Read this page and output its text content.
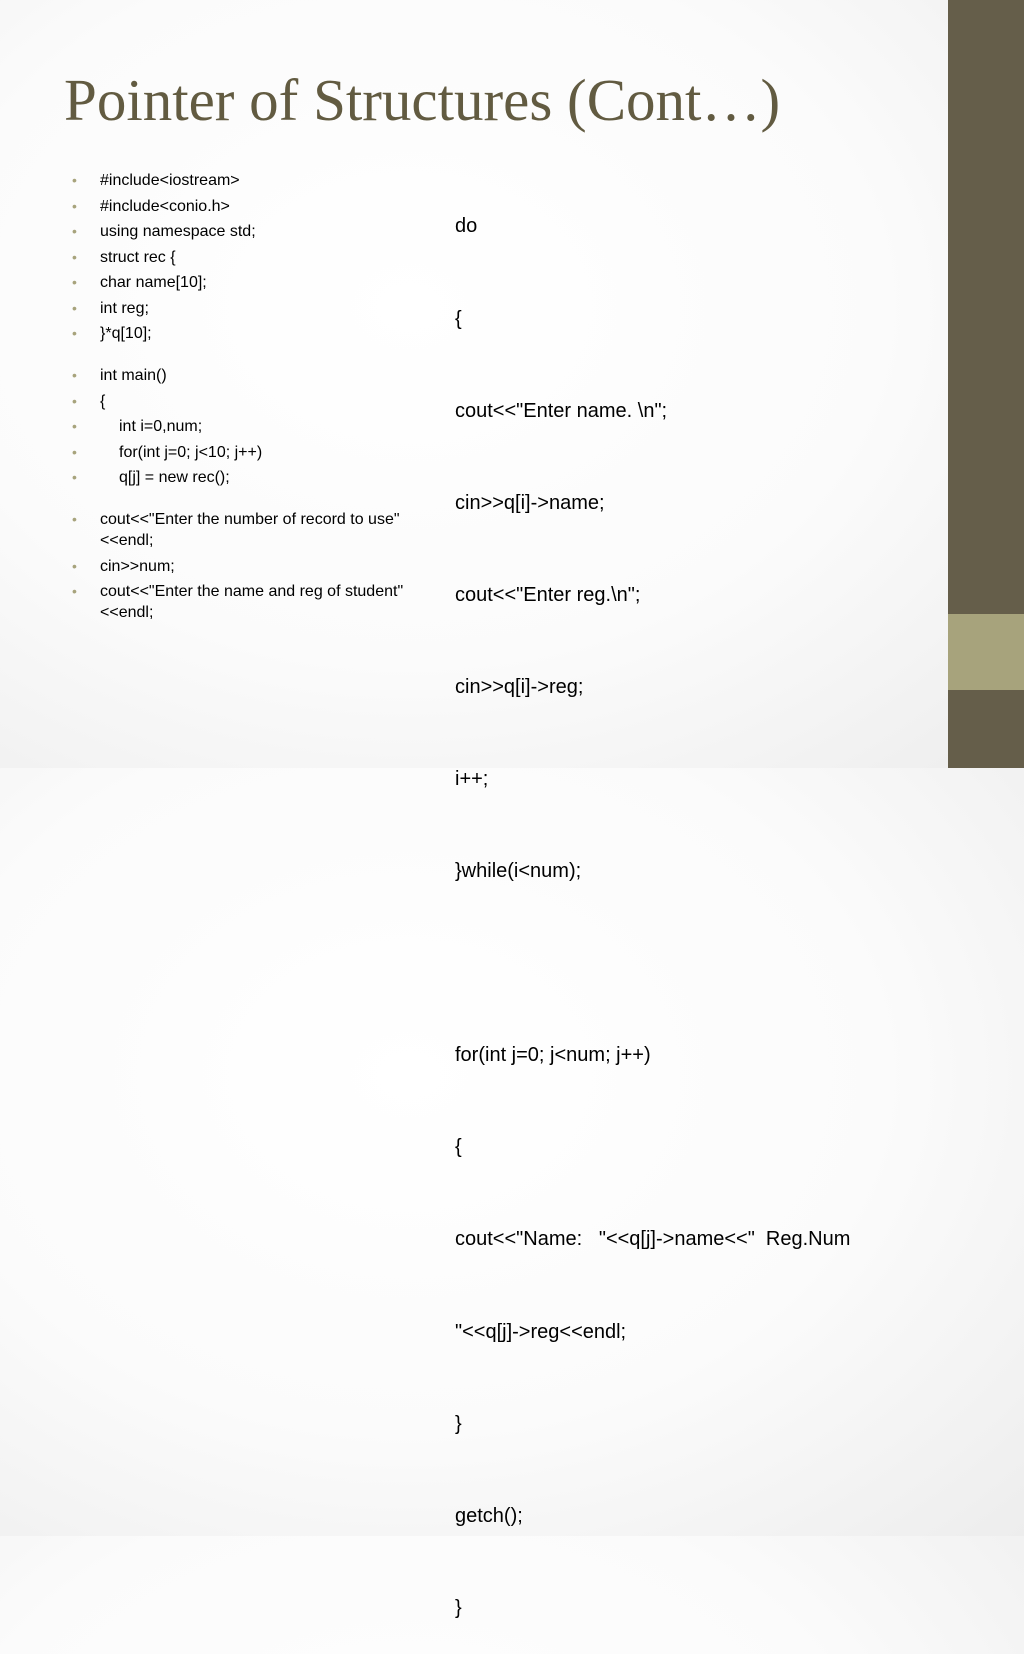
Pointer of Structures (Cont…)
• #include<iostream>
• #include<conio.h>
• using namespace std;
• struct rec {
• char name[10];
• int reg;
• }*q[10];
• int main()
• {
•	int i=0,num;
•	for(int j=0; j<10; j++)
•	q[j] = new rec();
• cout<<"Enter the number of record to use"<<endl;
• cin>>num;
• cout<<"Enter the name and reg of student"<<endl;

do

{

cout<<"Enter name. \n";

cin>>q[i]->name;

cout<<"Enter reg.\n";

cin>>q[i]->reg;

i++;

}while(i<num);

for(int j=0; j<num; j++)

{

cout<<"Name:   "<<q[j]->name<<"  Reg.Num

"<<q[j]->reg<<endl;

}

getch();

}
